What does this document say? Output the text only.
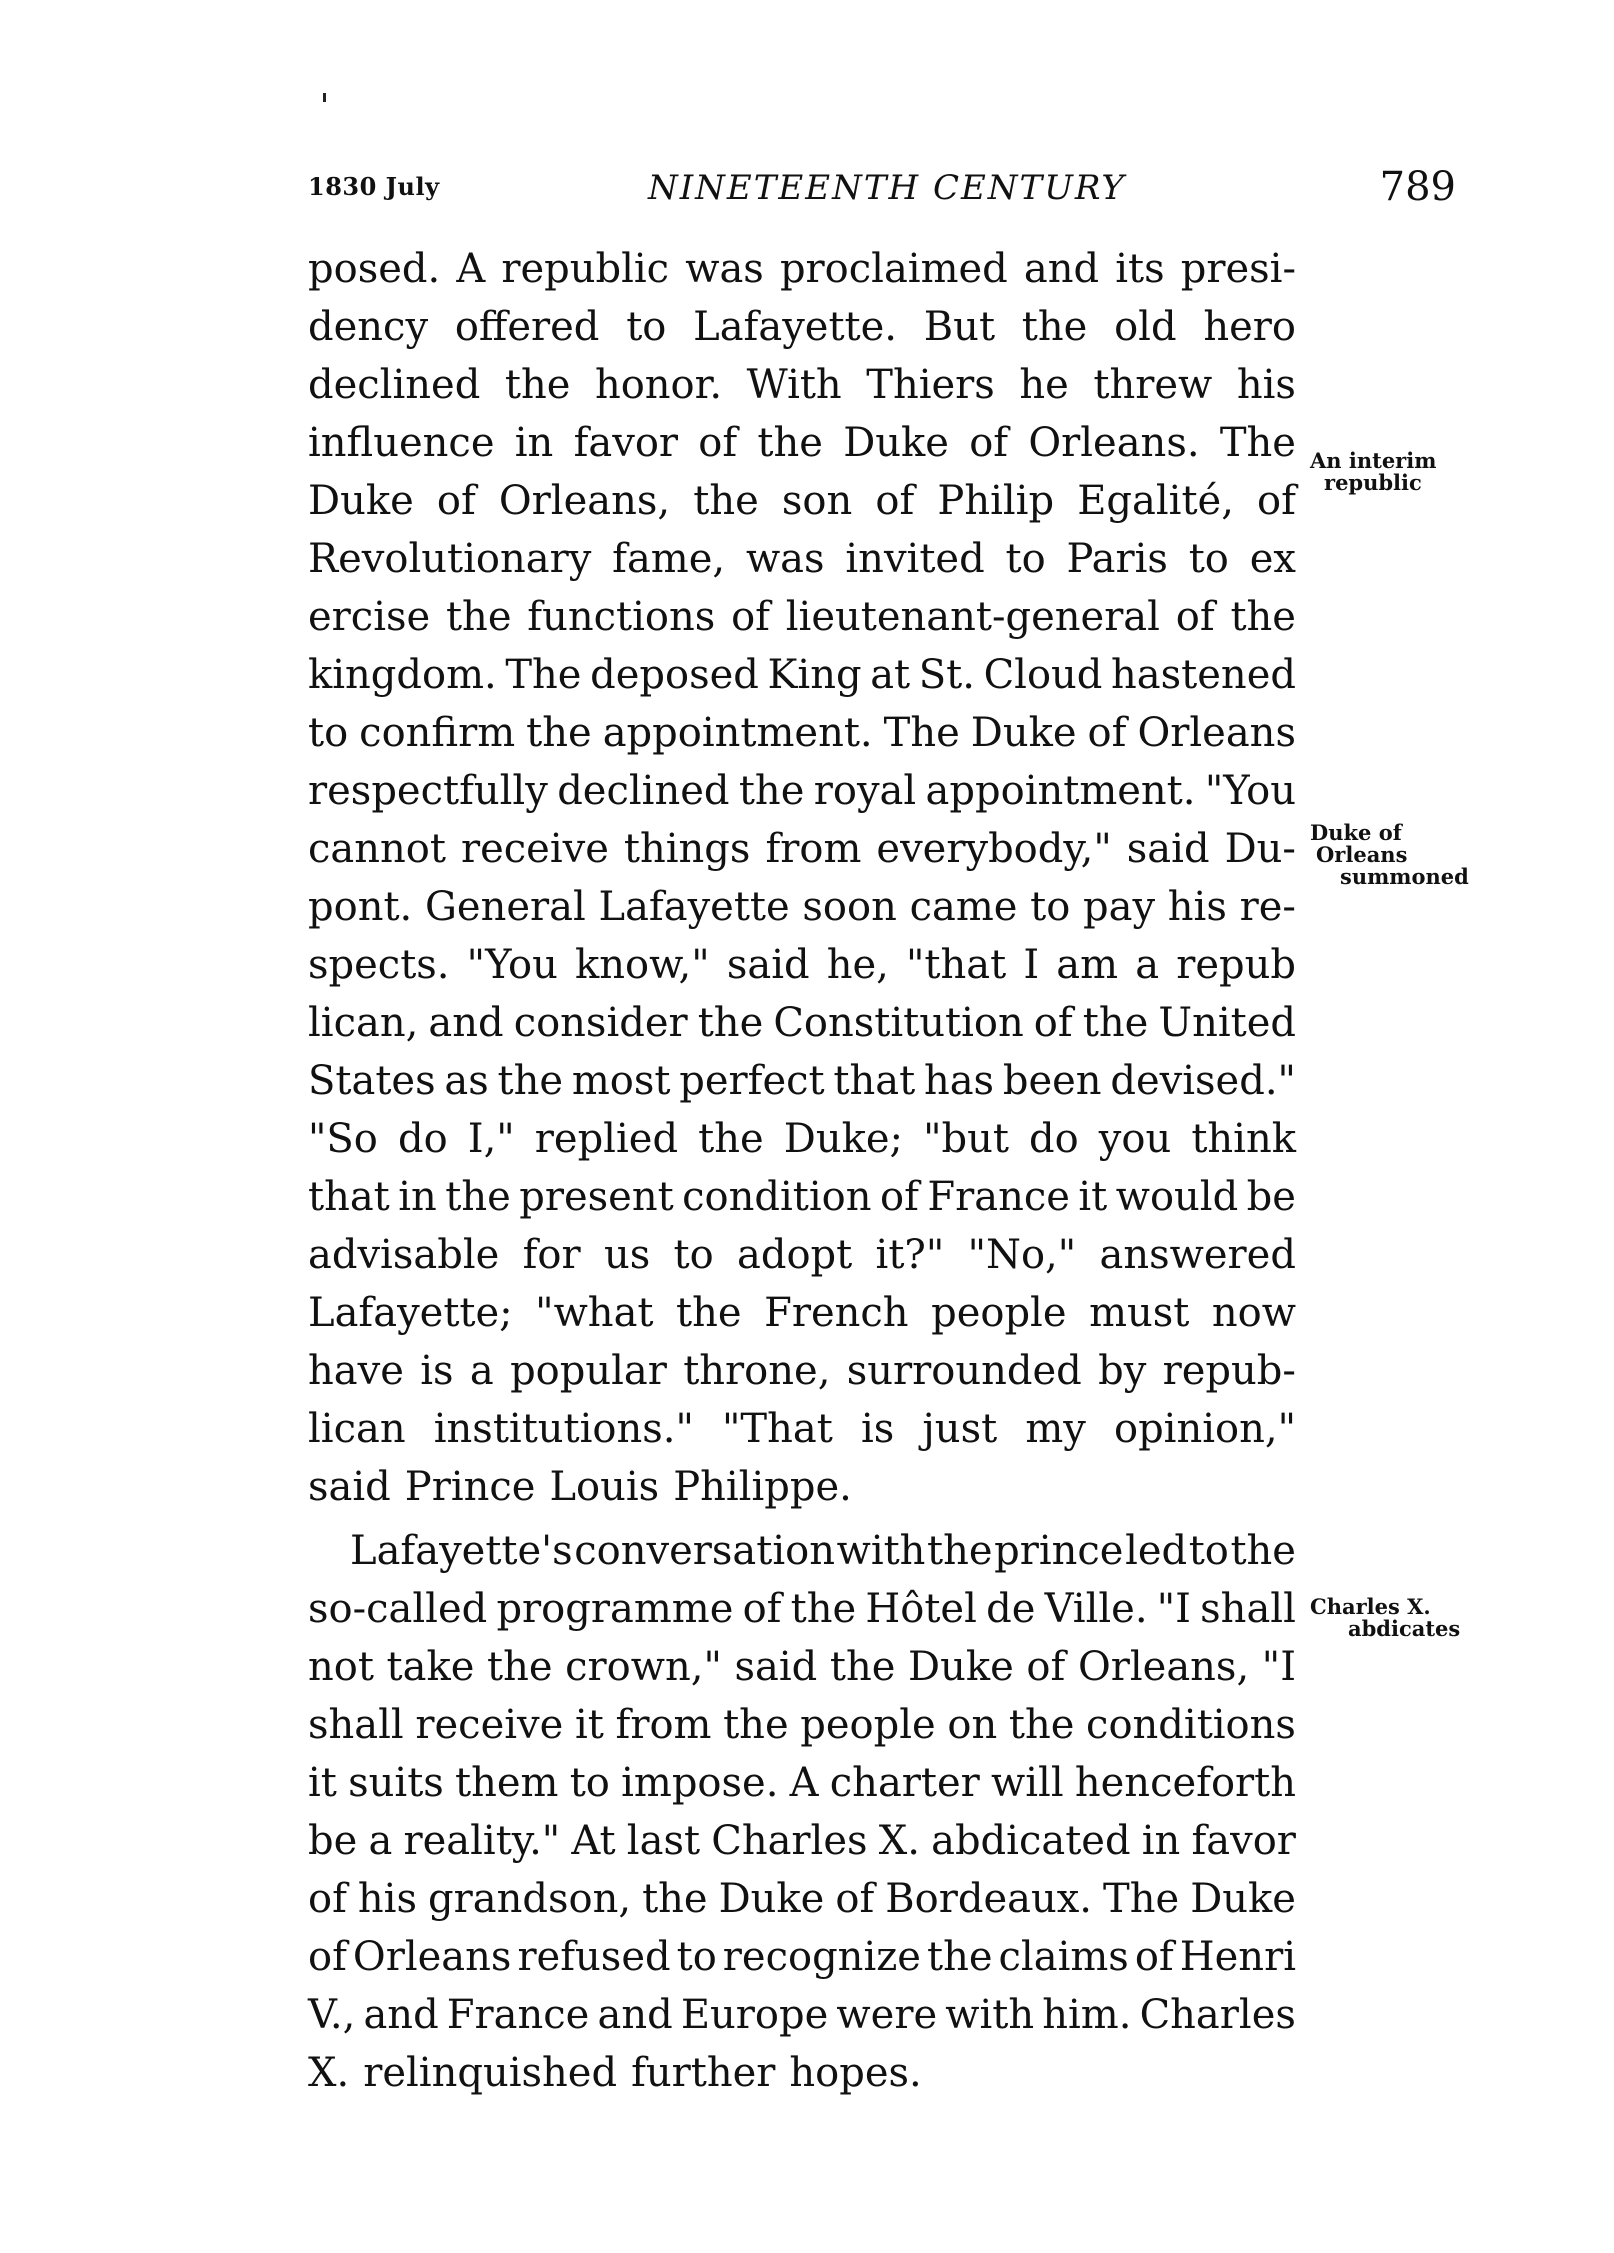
1830 July	NINETEENTH CENTURY	789
posed. A republic was proclaimed and its presi-
dency offered to Lafayette. But the old hero
declined the honor. With Thiers he threw his
influence in favor of the Duke of Orleans. The
Duke of Orleans, the son of Philip Egalité, of
Revolutionary fame, was invited to Paris to ex
ercise the functions of lieutenant-general of the
kingdom. The deposed King at St. Cloud hastened
to confirm the appointment. The Duke of Orleans
respectfully declined the royal appointment. "You
cannot receive things from everybody," said Du-
pont. General Lafayette soon came to pay his re-
spects. "You know," said he, "that I am a repub
lican, and consider the Constitution of the United
States as the most perfect that has been devised."
"So do I," replied the Duke; "but do you think
that in the present condition of France it would be
advisable for us to adopt it?" "No," answered
Lafayette; "what the French people must now
have is a popular throne, surrounded by repub-
lican institutions." "That is just my opinion,"
said Prince Louis Philippe.
Lafayette's conversation with the prince led to the
so-called programme of the Hôtel de Ville. "I shall
not take the crown," said the Duke of Orleans, "I
shall receive it from the people on the conditions
it suits them to impose. A charter will henceforth
be a reality." At last Charles X. abdicated in favor
of his grandson, the Duke of Bordeaux. The Duke
of Orleans refused to recognize the claims of Henri
V., and France and Europe were with him. Charles
X. relinquished further hopes.
An interim
republic
Duke of
Orleans
summoned
Charles X.
abdicates
